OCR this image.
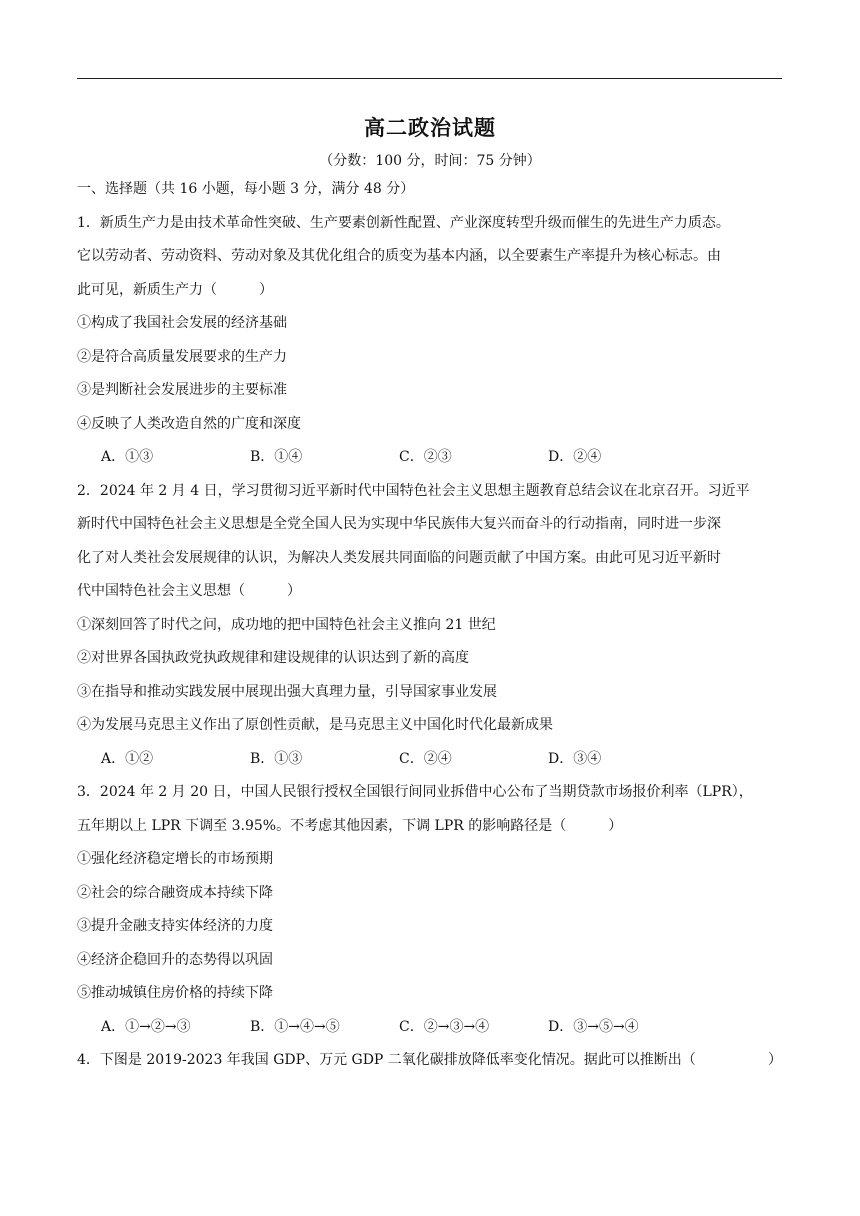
高二政治试题
（分数：100 分，时间：75 分钟）
一、选择题（共 16 小题，每小题 3 分，满分 48 分）
1．新质生产力是由技术革命性突破、生产要素创新性配置、产业深度转型升级而催生的先进生产力质态。
它以劳动者、劳动资料、劳动对象及其优化组合的质变为基本内涵，以全要素生产率提升为核心标志。由
此可见，新质生产力（　　　）
①构成了我国社会发展的经济基础
②是符合高质量发展要求的生产力
③是判断社会发展进步的主要标准
④反映了人类改造自然的广度和深度
A．①③	B．①④	C．②③	D．②④
2．2024 年 2 月 4 日，学习贯彻习近平新时代中国特色社会主义思想主题教育总结会议在北京召开。习近平
新时代中国特色社会主义思想是全党全国人民为实现中华民族伟大复兴而奋斗的行动指南，同时进一步深
化了对人类社会发展规律的认识，为解决人类发展共同面临的问题贡献了中国方案。由此可见习近平新时
代中国特色社会主义思想（　　　）
①深刻回答了时代之问，成功地的把中国特色社会主义推向 21 世纪
②对世界各国执政党执政规律和建设规律的认识达到了新的高度
③在指导和推动实践发展中展现出强大真理力量，引导国家事业发展
④为发展马克思主义作出了原创性贡献，是马克思主义中国化时代化最新成果
A．①②	B．①③	C．②④	D．③④
3．2024 年 2 月 20 日，中国人民银行授权全国银行间同业拆借中心公布了当期贷款市场报价利率（LPR），
五年期以上 LPR 下调至 3.95%。不考虑其他因素，下调 LPR 的影响路径是（　　　）
①强化经济稳定增长的市场预期
②社会的综合融资成本持续下降
③提升金融支持实体经济的力度
④经济企稳回升的态势得以巩固
⑤推动城镇住房价格的持续下降
A．①→②→③	B．①→④→⑤	C．②→③→④	D．③→⑤→④
4．下图是 2019-2023 年我国 GDP、万元 GDP 二氧化碳排放降低率变化情况。据此可以推断出（	）
